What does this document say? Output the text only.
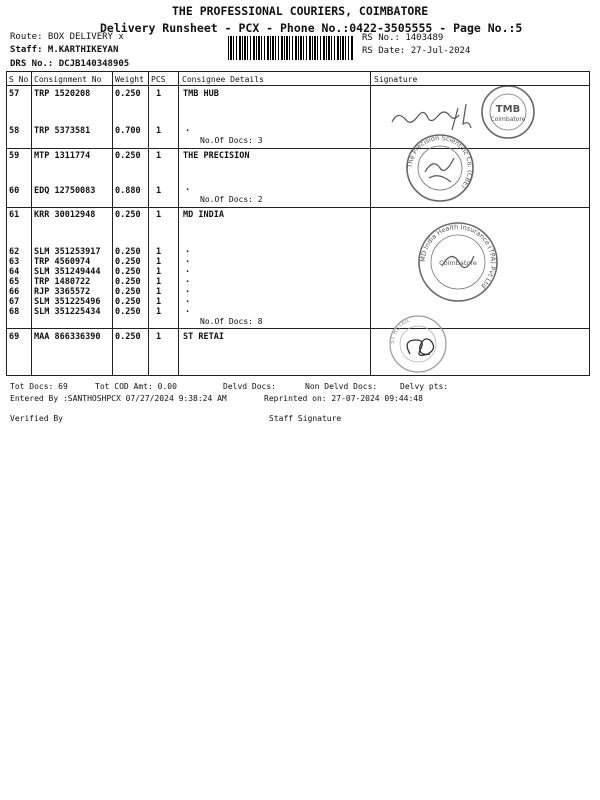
THE PROFESSIONAL COURIERS, COIMBATORE
Delivery Runsheet - PCX - Phone No.:0422-3505555 - Page No.:5
Route: BOX DELIVERY x
Staff: M.KARTHIKEYAN
DRS No.: DCJB140348905
RS No.: 1403489
RS Date: 27-Jul-2024
S No Consignment No Weight PCS Consignee Details	Signature
57 TRP 1520208	0.250 1	TMB HUB
58 TRP 5373581	0.700 1	.
No.Of Docs: 3
59 MTP 1311774	0.250 1	THE PRECISION
60 EDQ 12750083 0.880 1	.
No.Of Docs: 2
61 KRR 30012948 0.250 1	MD INDIA
62 SLM 351253917 0.250 1	.
63 TRP 4560974	0.250 1	.
64 SLM 351249444 0.250 1	.
65 TRP 1480722	0.250 1	.
66 RJP 3365572	0.250 1	.
67 SLM 351225496 0.250 1	.
68 SLM 351225434 0.250 1	.
No.Of Docs: 8
69 MAA 866336390 0.250 1	ST RETAI
TMB
Coimbatore
The Precision Scientific Co. (CBE)
Coimbatore
MD India Health Insurance (TPA) Pvt Ltd
ST RETAIL
Tot Docs: 69	Tot COD Amt: 0.00	Delvd Docs:	Non Delvd Docs:	Delvy pts:
Entered By :SANTHOSHPCX 07/27/2024 9:38:24 AM	Reprinted on: 27-07-2024 09:44:48
Verified By	Staff Signature
